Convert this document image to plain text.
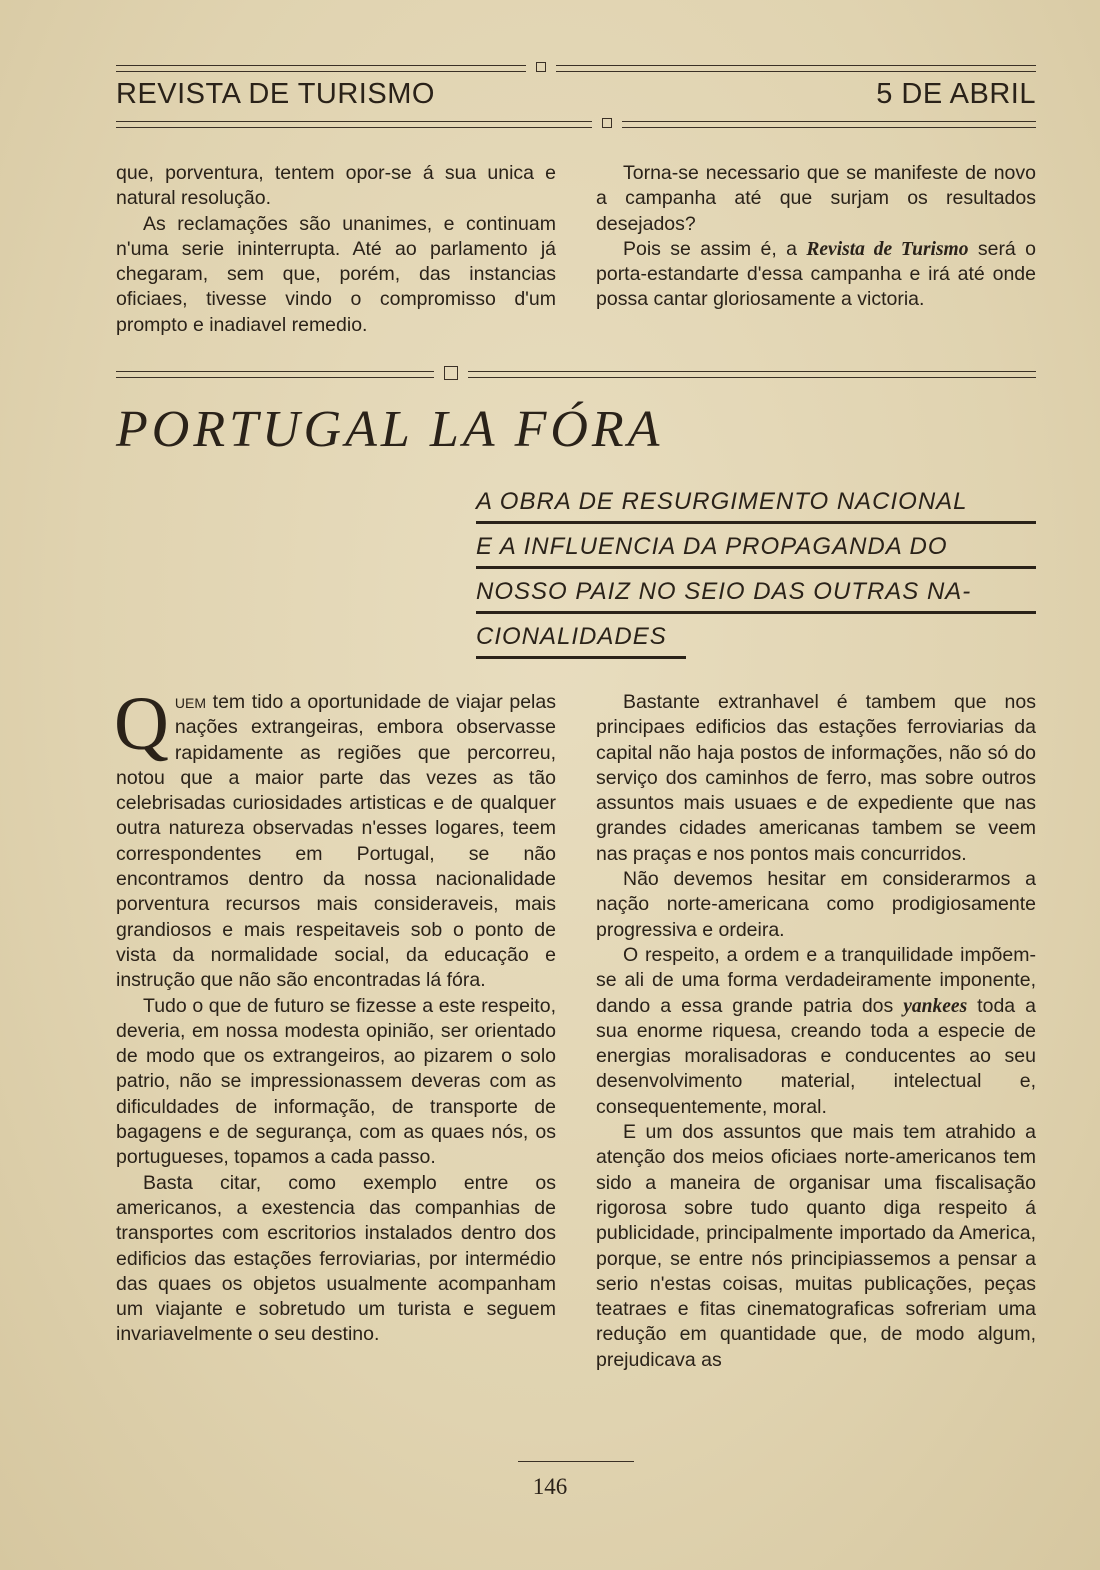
REVISTA DE TURISMO	5 DE ABRIL

que, porventura, tentem opor-se á sua unica e natural resolução.

As reclamações são unanimes, e continuam n'uma serie ininterrupta. Até ao parlamento já chegaram, sem que, porém, das instancias oficiaes, tivesse vindo o compromisso d'um prompto e inadiavel remedio.

Torna-se necessario que se manifeste de novo a campanha até que surjam os resultados desejados?

Pois se assim é, a Revista de Turismo será o porta-estandarte d'essa campanha e irá até onde possa cantar gloriosamente a victoria.

PORTUGAL LA FÓRA
A OBRA DE RESURGIMENTO NACIONAL
E A INFLUENCIA DA PROPAGANDA DO
NOSSO PAIZ NO SEIO DAS OUTRAS NA-
CIONALIDADES

Quem tem tido a oportunidade de viajar pelas nações extrangeiras, embora observasse rapidamente as regiões que percorreu, notou que a maior parte das vezes as tão celebrisadas curiosidades artisticas e de qualquer outra natureza observadas n'esses logares, teem correspondentes em Portugal, se não encontramos dentro da nossa nacionalidade porventura recursos mais consideraveis, mais grandiosos e mais respeitaveis sob o ponto de vista da normalidade social, da educação e instrução que não são encontradas lá fóra.

Tudo o que de futuro se fizesse a este respeito, deveria, em nossa modesta opinião, ser orientado de modo que os extrangeiros, ao pizarem o solo patrio, não se impressionassem deveras com as dificuldades de informação, de transporte de bagagens e de segurança, com as quaes nós, os portugueses, topamos a cada passo.

Basta citar, como exemplo entre os americanos, a exestencia das companhias de transportes com escritorios instalados dentro dos edificios das estações ferroviarias, por intermédio das quaes os objetos usualmente acompanham um viajante e sobretudo um turista e seguem invariavelmente o seu destino.

Bastante extranhavel é tambem que nos principaes edificios das estações ferroviarias da capital não haja postos de informações, não só do serviço dos caminhos de ferro, mas sobre outros assuntos mais usuaes e de expediente que nas grandes cidades americanas tambem se veem nas praças e nos pontos mais concurridos.

Não devemos hesitar em considerarmos a nação norte-americana como prodigiosamente progressiva e ordeira.

O respeito, a ordem e a tranquilidade impõem-se ali de uma forma verdadeiramente imponente, dando a essa grande patria dos yankees toda a sua enorme riquesa, creando toda a especie de energias moralisadoras e conducentes ao seu desenvolvimento material, intelectual e, consequentemente, moral.

E um dos assuntos que mais tem atrahido a atenção dos meios oficiaes norte-americanos tem sido a maneira de organisar uma fiscalisação rigorosa sobre tudo quanto diga respeito á publicidade, principalmente importado da America, porque, se entre nós principiassemos a pensar a serio n'estas coisas, muitas publicações, peças teatraes e fitas cinematograficas sofreriam uma redução em quantidade que, de modo algum, prejudicava as

146
